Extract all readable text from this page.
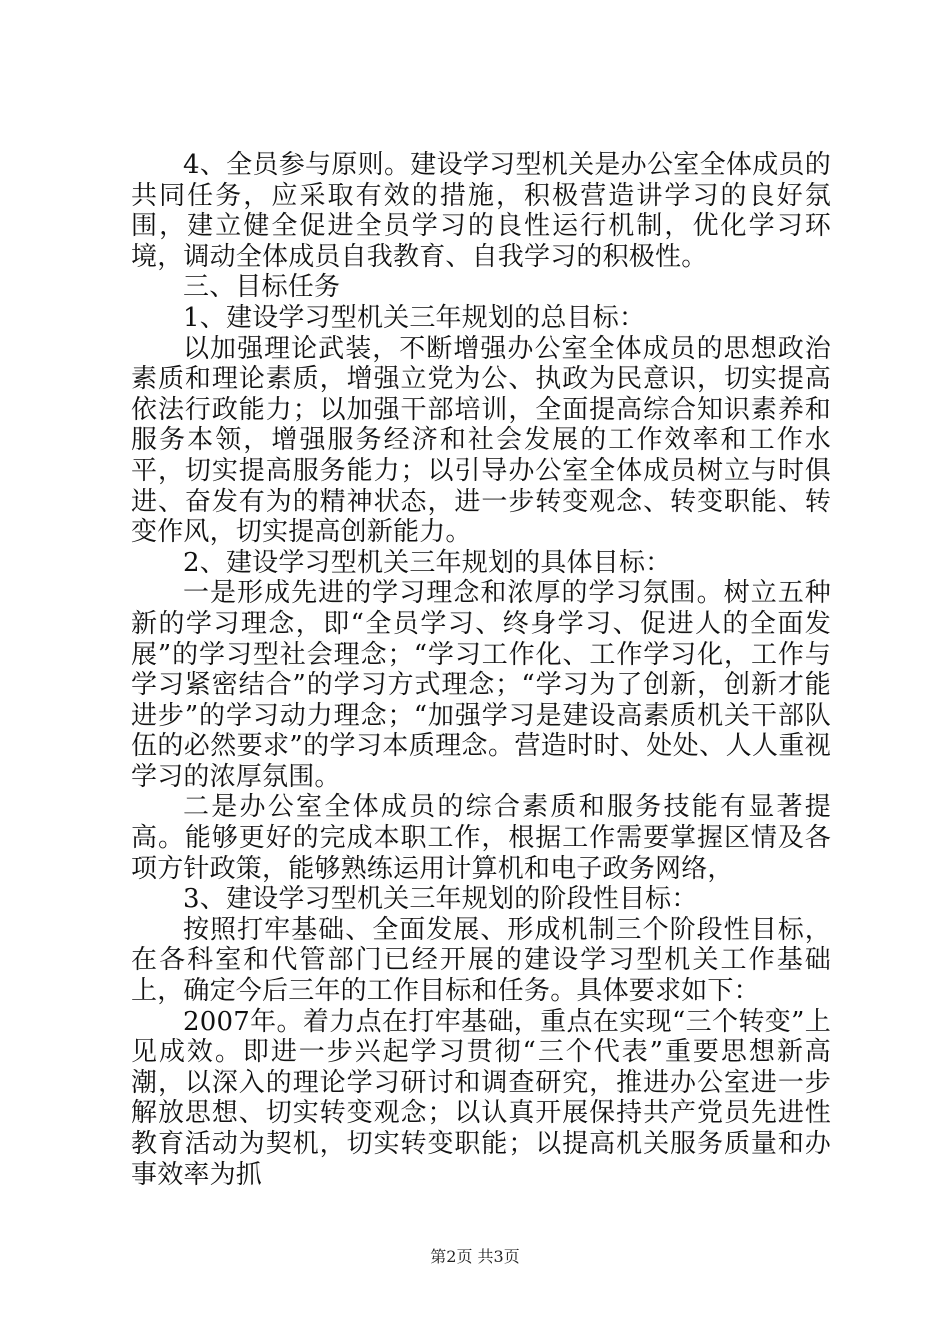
4、全员参与原则。建设学习型机关是办公室全体成员的共同任务，应采取有效的措施，积极营造讲学习的良好氛围，建立健全促进全员学习的良性运行机制，优化学习环境，调动全体成员自我教育、自我学习的积极性。

三、目标任务

1、建设学习型机关三年规划的总目标：

以加强理论武装，不断增强办公室全体成员的思想政治素质和理论素质，增强立党为公、执政为民意识，切实提高依法行政能力；以加强干部培训，全面提高综合知识素养和服务本领，增强服务经济和社会发展的工作效率和工作水平，切实提高服务能力；以引导办公室全体成员树立与时俱进、奋发有为的精神状态，进一步转变观念、转变职能、转变作风，切实提高创新能力。

2、建设学习型机关三年规划的具体目标：

一是形成先进的学习理念和浓厚的学习氛围。树立五种新的学习理念，即“全员学习、终身学习、促进人的全面发展”的学习型社会理念；“学习工作化、工作学习化，工作与学习紧密结合”的学习方式理念；“学习为了创新，创新才能进步”的学习动力理念；“加强学习是建设高素质机关干部队伍的必然要求”的学习本质理念。营造时时、处处、人人重视学习的浓厚氛围。

二是办公室全体成员的综合素质和服务技能有显著提高。能够更好的完成本职工作，根据工作需要掌握区情及各项方针政策，能够熟练运用计算机和电子政务网络，

3、建设学习型机关三年规划的阶段性目标：

按照打牢基础、全面发展、形成机制三个阶段性目标，在各科室和代管部门已经开展的建设学习型机关工作基础上，确定今后三年的工作目标和任务。具体要求如下：

2007年。着力点在打牢基础，重点在实现“三个转变”上见成效。即进一步兴起学习贯彻“三个代表”重要思想新高潮，以深入的理论学习研讨和调查研究，推进办公室进一步解放思想、切实转变观念；以认真开展保持共产党员先进性教育活动为契机，切实转变职能；以提高机关服务质量和办事效率为抓

第2页 共3页
